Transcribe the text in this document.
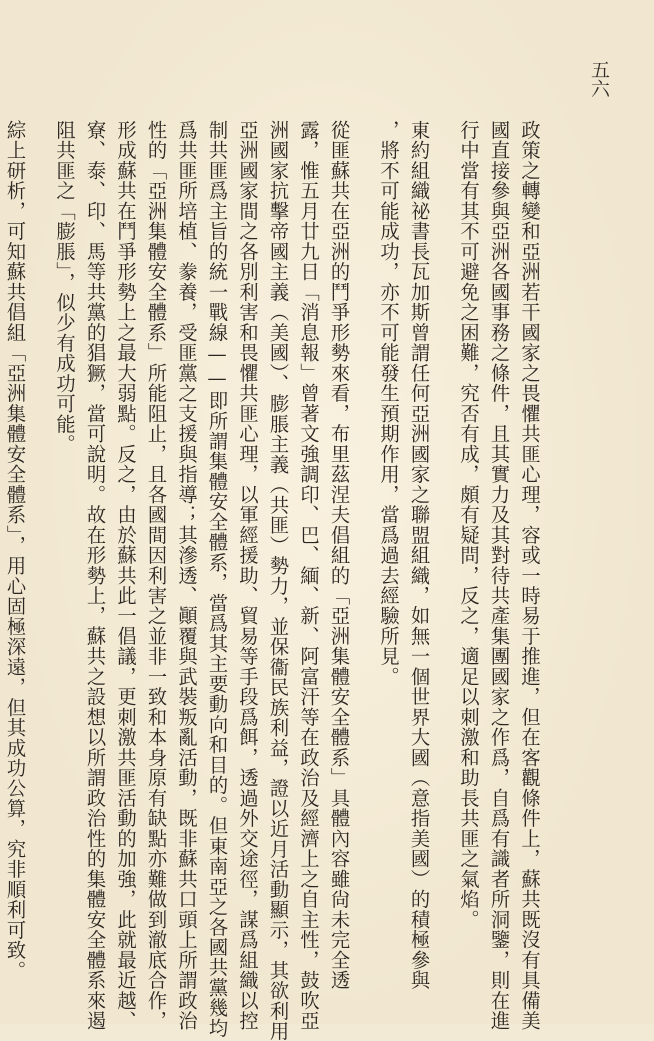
五六
政策之轉變和亞洲若干國家之畏懼共匪心理，容或一時易于推進，但在客觀條件上，蘇共既沒有具備美
國直接參與亞洲各國事務之條件，且其實力及其對待共產集團國家之作爲，自爲有識者所洞鑒，則在進
行中當有其不可避免之困難，究否有成，頗有疑問，反之，適足以刺激和助長共匪之氣焰。
東約組織祕書長瓦加斯曾謂任何亞洲國家之聯盟組織，如無一個世界大國（意指美國）的積極參與
，將不可能成功，亦不可能發生預期作用，當爲過去經驗所見。
從匪蘇共在亞洲的鬥爭形勢來看，布里茲涅夫倡組的「亞洲集體安全體系」具體內容雖尙未完全透
露，惟五月廿九日「消息報」曾著文強調印、巴、緬、新、阿富汗等在政治及經濟上之自主性，鼓吹亞
洲國家抗擊帝國主義（美國）、膨脹主義（共匪）勢力，並保衞民族利益，證以近月活動顯示，其欲利用
亞洲國家間之各別利害和畏懼共匪心理，以軍經援助、貿易等手段爲餌，透過外交途徑，謀爲組織以控
制共匪爲主旨的統一戰線——即所謂集體安全體系，當爲其主要動向和目的。但東南亞之各國共黨幾均
爲共匪所培植、豢養，受匪黨之支援與指導；其滲透、顚覆與武裝叛亂活動，既非蘇共口頭上所謂政治
性的「亞洲集體安全體系」所能阻止，且各國間因利害之並非一致和本身原有缺點亦難做到澈底合作，
形成蘇共在鬥爭形勢上之最大弱點。反之，由於蘇共此一倡議，更刺激共匪活動的加強，此就最近越、
寮、泰、印、馬等共黨的猖獗，當可說明。故在形勢上，蘇共之設想以所謂政治性的集體安全體系來遏
阻共匪之「膨脹」，似少有成功可能。
綜上研析，可知蘇共倡組「亞洲集體安全體系」，用心固極深遠，但其成功公算，究非順利可致。
